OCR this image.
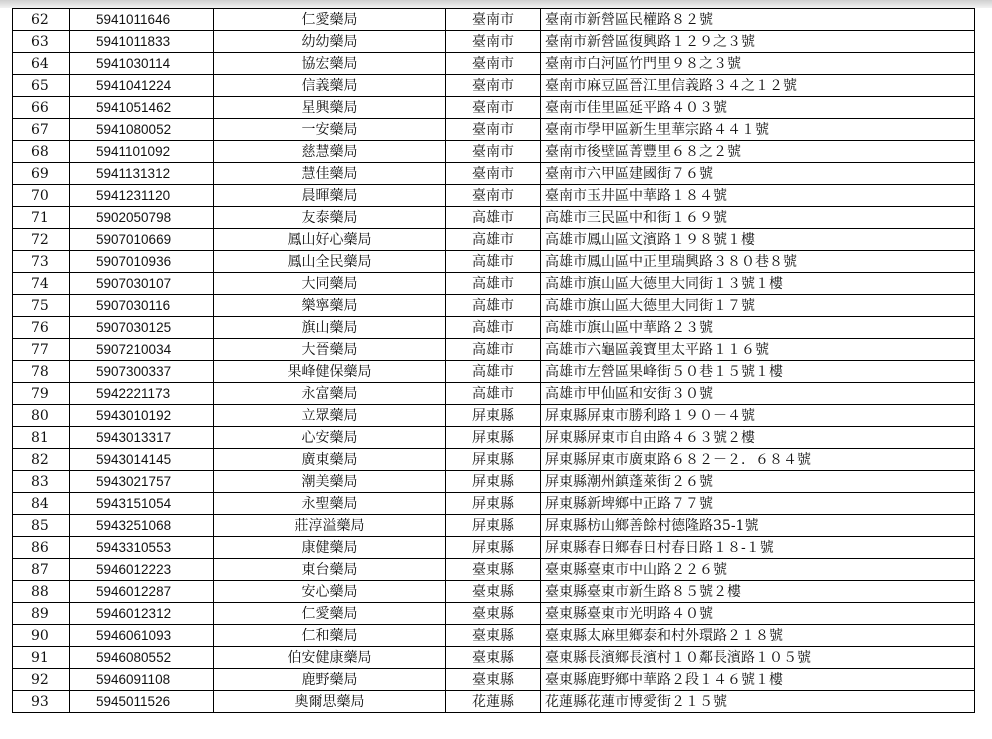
62	5941011646	仁愛藥局	臺南市	臺南市新營區民權路８２號
63	5941011833	幼幼藥局	臺南市	臺南市新營區復興路１２９之３號
64	5941030114	協宏藥局	臺南市	臺南市白河區竹門里９８之３號
65	5941041224	信義藥局	臺南市	臺南市麻豆區晉江里信義路３４之１２號
66	5941051462	星興藥局	臺南市	臺南市佳里區延平路４０３號
67	5941080052	一安藥局	臺南市	臺南市學甲區新生里華宗路４４１號
68	5941101092	慈慧藥局	臺南市	臺南市後壁區菁豐里６８之２號
69	5941131312	慧佳藥局	臺南市	臺南市六甲區建國街７６號
70	5941231120	晨暉藥局	臺南市	臺南市玉井區中華路１８４號
71	5902050798	友泰藥局	高雄市	高雄市三民區中和街１６９號
72	5907010669	鳳山好心藥局	高雄市	高雄市鳳山區文濱路１９８號１樓
73	5907010936	鳳山全民藥局	高雄市	高雄市鳳山區中正里瑞興路３８０巷８號
74	5907030107	大同藥局	高雄市	高雄市旗山區大德里大同街１３號１樓
75	5907030116	樂寧藥局	高雄市	高雄市旗山區大德里大同街１７號
76	5907030125	旗山藥局	高雄市	高雄市旗山區中華路２３號
77	5907210034	大晉藥局	高雄市	高雄市六龜區義寶里太平路１１６號
78	5907300337	果峰健保藥局	高雄市	高雄市左營區果峰街５０巷１５號１樓
79	5942221173	永富藥局	高雄市	高雄市甲仙區和安街３０號
80	5943010192	立眾藥局	屏東縣	屏東縣屏東市勝利路１９０－４號
81	5943013317	心安藥局	屏東縣	屏東縣屏東市自由路４６３號２樓
82	5943014145	廣東藥局	屏東縣	屏東縣屏東市廣東路６８２－２．６８４號
83	5943021757	潮美藥局	屏東縣	屏東縣潮州鎮蓬萊街２６號
84	5943151054	永聖藥局	屏東縣	屏東縣新埤鄉中正路７７號
85	5943251068	莊淳溢藥局	屏東縣	屏東縣枋山鄉善餘村德隆路35-1號
86	5943310553	康健藥局	屏東縣	屏東縣春日鄉春日村春日路１８-１號
87	5946012223	東台藥局	臺東縣	臺東縣臺東市中山路２２６號
88	5946012287	安心藥局	臺東縣	臺東縣臺東市新生路８５號２樓
89	5946012312	仁愛藥局	臺東縣	臺東縣臺東市光明路４０號
90	5946061093	仁和藥局	臺東縣	臺東縣太麻里鄉泰和村外環路２１８號
91	5946080552	伯安健康藥局	臺東縣	臺東縣長濱鄉長濱村１０鄰長濱路１０５號
92	5946091108	鹿野藥局	臺東縣	臺東縣鹿野鄉中華路２段１４６號１樓
93	5945011526	奧爾思藥局	花蓮縣	花蓮縣花蓮市博愛街２１５號
